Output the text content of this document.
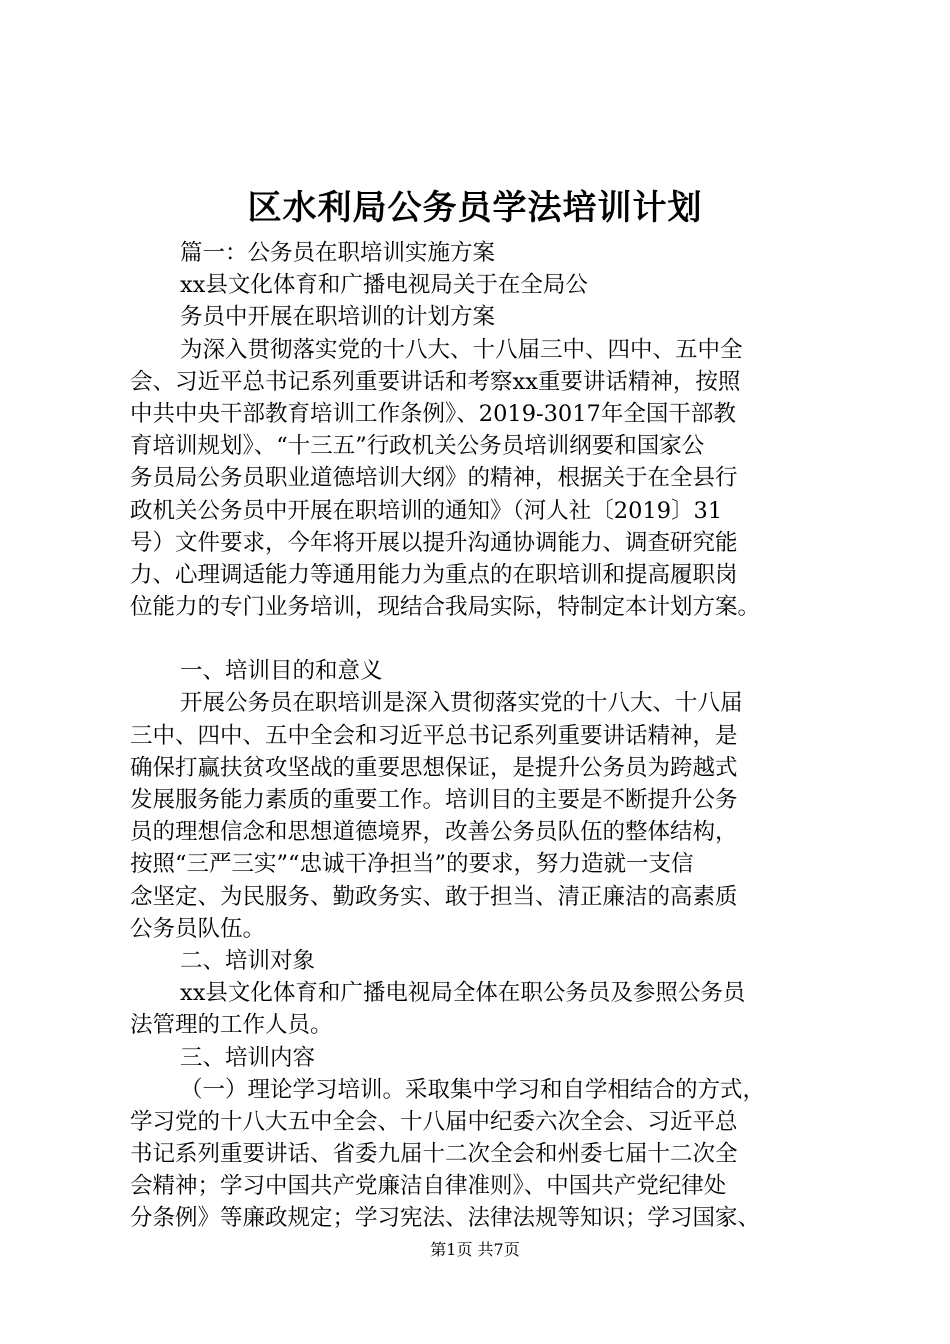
区水利局公务员学法培训计划
篇一：公务员在职培训实施方案
xx县文化体育和广播电视局关于在全局公
务员中开展在职培训的计划方案
为深入贯彻落实党的十八大、十八届三中、四中、五中全
会、习近平总书记系列重要讲话和考察xx重要讲话精神，按照
中共中央干部教育培训工作条例》、2019-3017年全国干部教
育培训规划》、“十三五”行政机关公务员培训纲要和国家公
务员局公务员职业道德培训大纲》的精神，根据关于在全县行
政机关公务员中开展在职培训的通知》（河人社〔2019〕31
号）文件要求，今年将开展以提升沟通协调能力、调查研究能
力、心理调适能力等通用能力为重点的在职培训和提高履职岗
位能力的专门业务培训，现结合我局实际，特制定本计划方案。
一、培训目的和意义
开展公务员在职培训是深入贯彻落实党的十八大、十八届
三中、四中、五中全会和习近平总书记系列重要讲话精神，是
确保打赢扶贫攻坚战的重要思想保证，是提升公务员为跨越式
发展服务能力素质的重要工作。培训目的主要是不断提升公务
员的理想信念和思想道德境界，改善公务员队伍的整体结构，
按照“三严三实”“忠诚干净担当”的要求，努力造就一支信
念坚定、为民服务、勤政务实、敢于担当、清正廉洁的高素质
公务员队伍。
二、培训对象
xx县文化体育和广播电视局全体在职公务员及参照公务员
法管理的工作人员。
三、培训内容
（一）理论学习培训。采取集中学习和自学相结合的方式，
学习党的十八大五中全会、十八届中纪委六次全会、习近平总
书记系列重要讲话、省委九届十二次全会和州委七届十二次全
会精神；学习中国共产党廉洁自律准则》、中国共产党纪律处
分条例》等廉政规定；学习宪法、法律法规等知识；学习国家、
第1页 共7页
